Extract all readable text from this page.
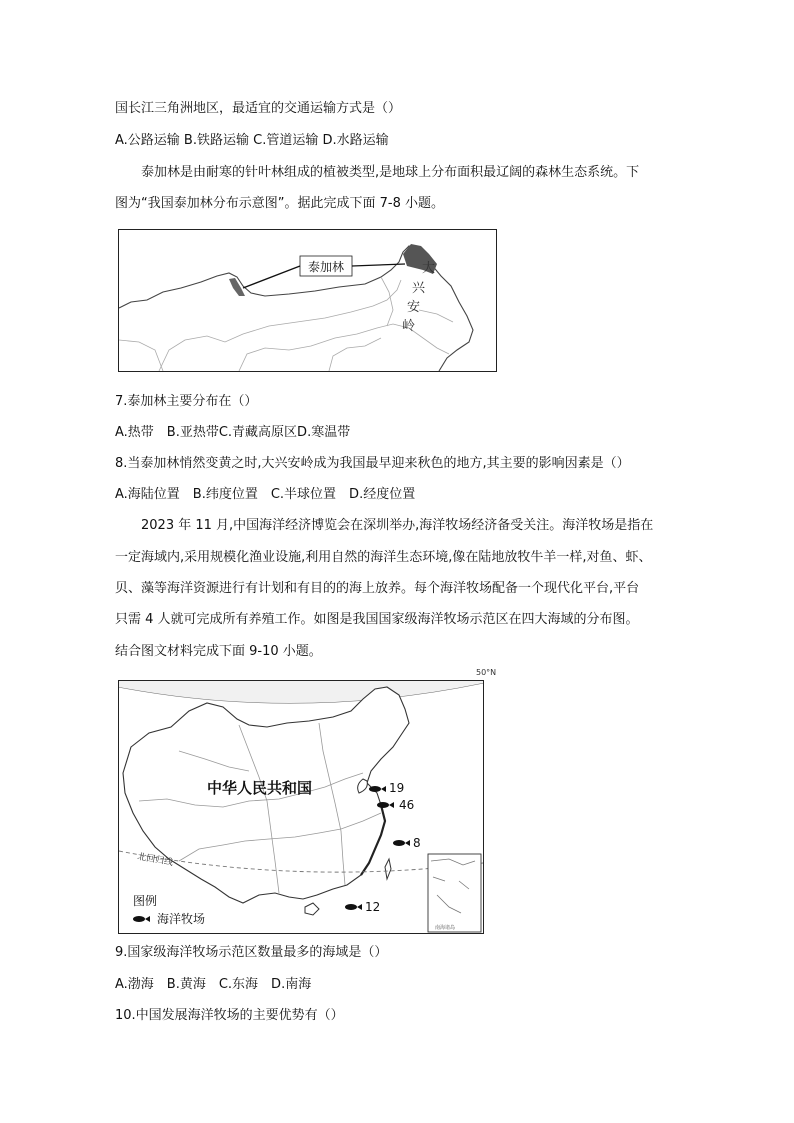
国长江三角洲地区，最适宜的交通运输方式是（）
A.公路运输 B.铁路运输 C.管道运输 D.水路运输
泰加林是由耐寒的针叶林组成的植被类型,是地球上分布面积最辽阔的森林生态系统。下
图为“我国泰加林分布示意图”。据此完成下面 7-8 小题。
泰加林	大
兴
安
岭
7.泰加林主要分布在（）
A.热带　B.亚热带C.青藏高原区D.寒温带
8.当泰加林悄然变黄之时,大兴安岭成为我国最早迎来秋色的地方,其主要的影响因素是（）
A.海陆位置　B.纬度位置　C.半球位置　D.经度位置
2023 年 11 月,中国海洋经济博览会在深圳举办,海洋牧场经济备受关注。海洋牧场是指在
一定海域内,采用规模化渔业设施,利用自然的海洋生态环境,像在陆地放牧牛羊一样,对鱼、虾、
贝、藻等海洋资源进行有计划和有目的的海上放养。每个海洋牧场配备一个现代化平台,平台
只需 4 人就可完成所有养殖工作。如图是我国国家级海洋牧场示范区在四大海域的分布图。
结合图文材料完成下面 9-10 小题。
50°N
北回归线
中华人民共和国	19
46
8
12
图例
海洋牧场
南海诸岛
9.国家级海洋牧场示范区数量最多的海域是（）
A.渤海　B.黄海　C.东海　D.南海
10.中国发展海洋牧场的主要优势有（）
